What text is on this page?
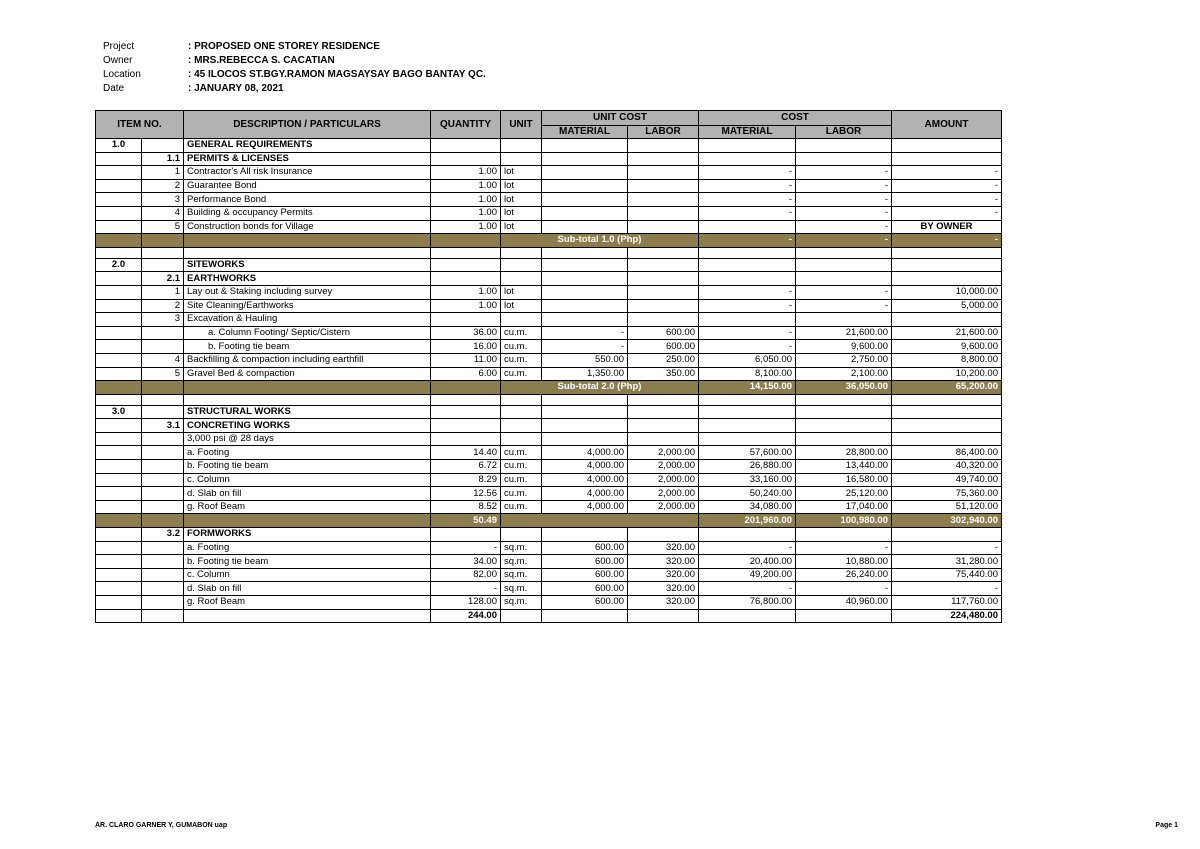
Project	: PROPOSED ONE STOREY RESIDENCE
Owner	: MRS.REBECCA S. CACATIAN
Location	: 45 ILOCOS ST.BGY.RAMON MAGSAYSAY BAGO BANTAY QC.
Date	: JANUARY 08, 2021
ITEM NO.		DESCRIPTION / PARTICULARS	QUANTITY	UNIT	UNIT COST		COST		AMOUNT
					MATERIAL	LABOR	MATERIAL	LABOR	
1.0		GENERAL REQUIREMENTS							
	1.1	PERMITS & LICENSES							
	1	Contractor's All risk Insurance	1.00	lot			-	-	-
	2	Guarantee Bond	1.00	lot			-	-	-
	3	Performance Bond	1.00	lot			-	-	-
	4	Building & occupancy Permits	1.00	lot			-	-	-
	5	Construction bonds for Village	1.00	lot				-	BY OWNER
				Sub-total 1.0 (Php)			-	-	-

2.0		SITEWORKS							
	2.1	EARTHWORKS							
	1	Lay out & Staking including survey	1.00	lot			-	-	10,000.00
	2	Site Cleaning/Earthworks	1.00	lot			-	-	5,000.00
	3	Excavation & Hauling							
		a. Column Footing/ Septic/Cistern	36.00	cu.m.	-	600.00	-	21,600.00	21,600.00
		b. Footing tie beam	16.00	cu.m.	-	600.00	-	9,600.00	9,600.00
	4	Backfilling & compaction including earthfill	11.00	cu.m.	550.00	250.00	6,050.00	2,750.00	8,800.00
	5	Gravel Bed & compaction	6.00	cu.m.	1,350.00	350.00	8,100.00	2,100.00	10,200.00
				Sub-total 2.0 (Php)			14,150.00	36,050.00	65,200.00

3.0		STRUCTURAL WORKS							
	3.1	CONCRETING WORKS							
		3,000 psi @ 28 days							
		a. Footing	14.40	cu.m.	4,000.00	2,000.00	57,600.00	28,800.00	86,400.00
		b. Footing tie beam	6.72	cu.m.	4,000.00	2,000.00	26,880.00	13,440.00	40,320.00
		c. Column	8.29	cu.m.	4,000.00	2,000.00	33,160.00	16,580.00	49,740.00
		d. Slab on fill	12.56	cu.m.	4,000.00	2,000.00	50,240.00	25,120.00	75,360.00
		g. Roof Beam	8.52	cu.m.	4,000.00	2,000.00	34,080.00	17,040.00	51,120.00
			50.49				201,960.00	100,980.00	302,940.00
	3.2	FORMWORKS							
		a. Footing	-	sq.m.	600.00	320.00	-	-	-
		b. Footing tie beam	34.00	sq.m.	600.00	320.00	20,400.00	10,880.00	31,280.00
		c. Column	82.00	sq.m.	600.00	320.00	49,200.00	26,240.00	75,440.00
		d. Slab on fill	-	sq.m.	600.00	320.00	-	-	-
		g. Roof Beam	128.00	sq.m.	600.00	320.00	76,800.00	40,960.00	117,760.00
			244.00						224,480.00
AR. CLARO GARNER Y, GUMABON uap	Page 1
